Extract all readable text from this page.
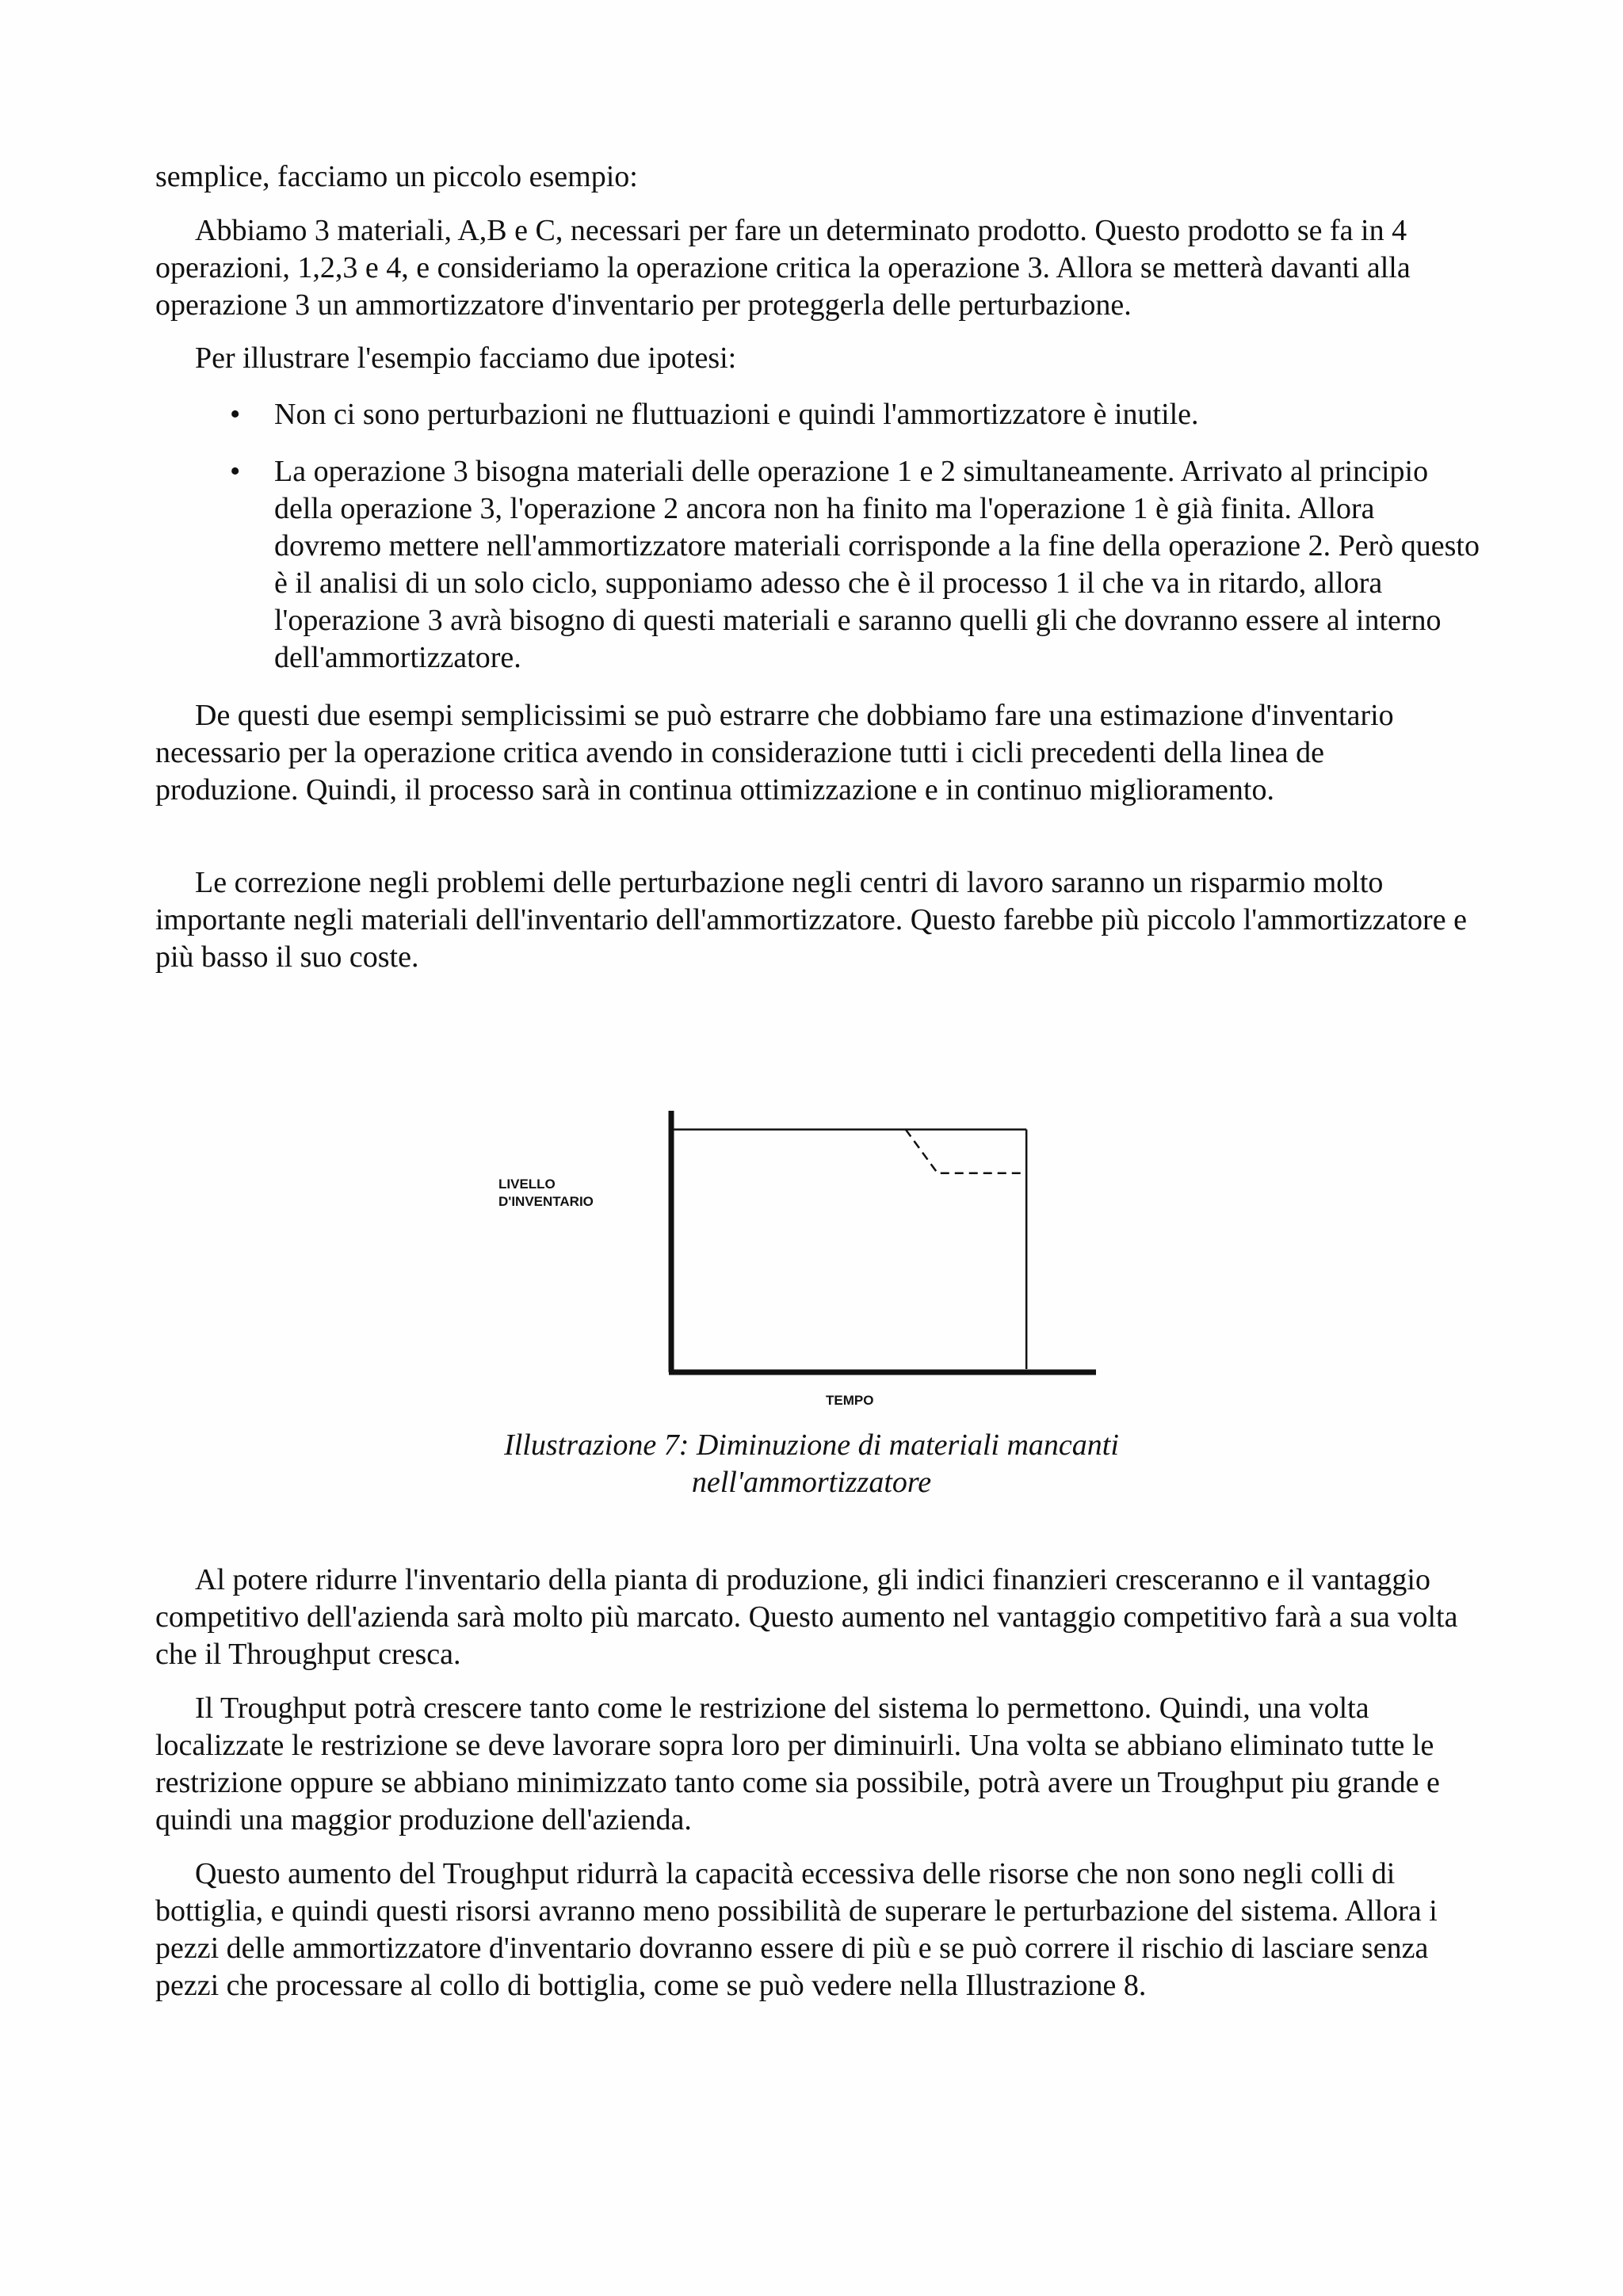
semplice, facciamo un piccolo esempio:

Abbiamo 3 materiali, A,B e C, necessari per fare un determinato prodotto. Questo prodotto se fa in 4 operazioni, 1,2,3 e 4, e consideriamo la operazione critica la operazione 3. Allora se metterà davanti alla operazione 3 un ammortizzatore d'inventario per proteggerla delle perturbazione.

Per illustrare l'esempio facciamo due ipotesi:

• Non ci sono perturbazioni ne fluttuazioni e quindi l'ammortizzatore è inutile.
• La operazione 3 bisogna materiali delle operazione 1 e 2 simultaneamente. Arrivato al principio della operazione 3, l'operazione 2 ancora non ha finito ma l'operazione 1 è già finita. Allora dovremo mettere nell'ammortizzatore materiali corrisponde a la fine della operazione 2. Però questo è il analisi di un solo ciclo, supponiamo adesso che è il processo 1 il che va in ritardo, allora l'operazione 3 avrà bisogno di questi materiali e saranno quelli gli che dovranno essere al interno dell'ammortizzatore.

De questi due esempi semplicissimi se può estrarre che dobbiamo fare una estimazione d'inventario necessario per la operazione critica avendo in considerazione tutti i cicli precedenti della linea de produzione. Quindi, il processo sarà in continua ottimizzazione e in continuo miglioramento.

Le correzione negli problemi delle perturbazione negli centri di lavoro saranno un risparmio molto importante negli materiali dell'inventario dell'ammortizzatore. Questo farebbe più piccolo l'ammortizzatore e più basso il suo coste.

LIVELLO
D'INVENTARIO
TEMPO

Illustrazione 7: Diminuzione di materiali mancanti

nell'ammortizzatore

Al potere ridurre l'inventario della pianta di produzione, gli indici finanzieri cresceranno e il vantaggio competitivo dell'azienda sarà molto più marcato. Questo aumento nel vantaggio competitivo farà a sua volta che il Throughput cresca.

Il Troughput potrà crescere tanto come le restrizione del sistema lo permettono. Quindi, una volta localizzate le restrizione se deve lavorare sopra loro per diminuirli. Una volta se abbiano eliminato tutte le restrizione oppure se abbiano minimizzato tanto come sia possibile, potrà avere un Troughput piu grande e quindi una maggior produzione dell'azienda.

Questo aumento del Troughput ridurrà la capacità eccessiva delle risorse che non sono negli colli di bottiglia, e quindi questi risorsi avranno meno possibilità de superare le perturbazione del sistema. Allora i pezzi delle ammortizzatore d'inventario dovranno essere di più e se può correre il rischio di lasciare senza pezzi che processare al collo di bottiglia, come se può vedere nella Illustrazione 8.
